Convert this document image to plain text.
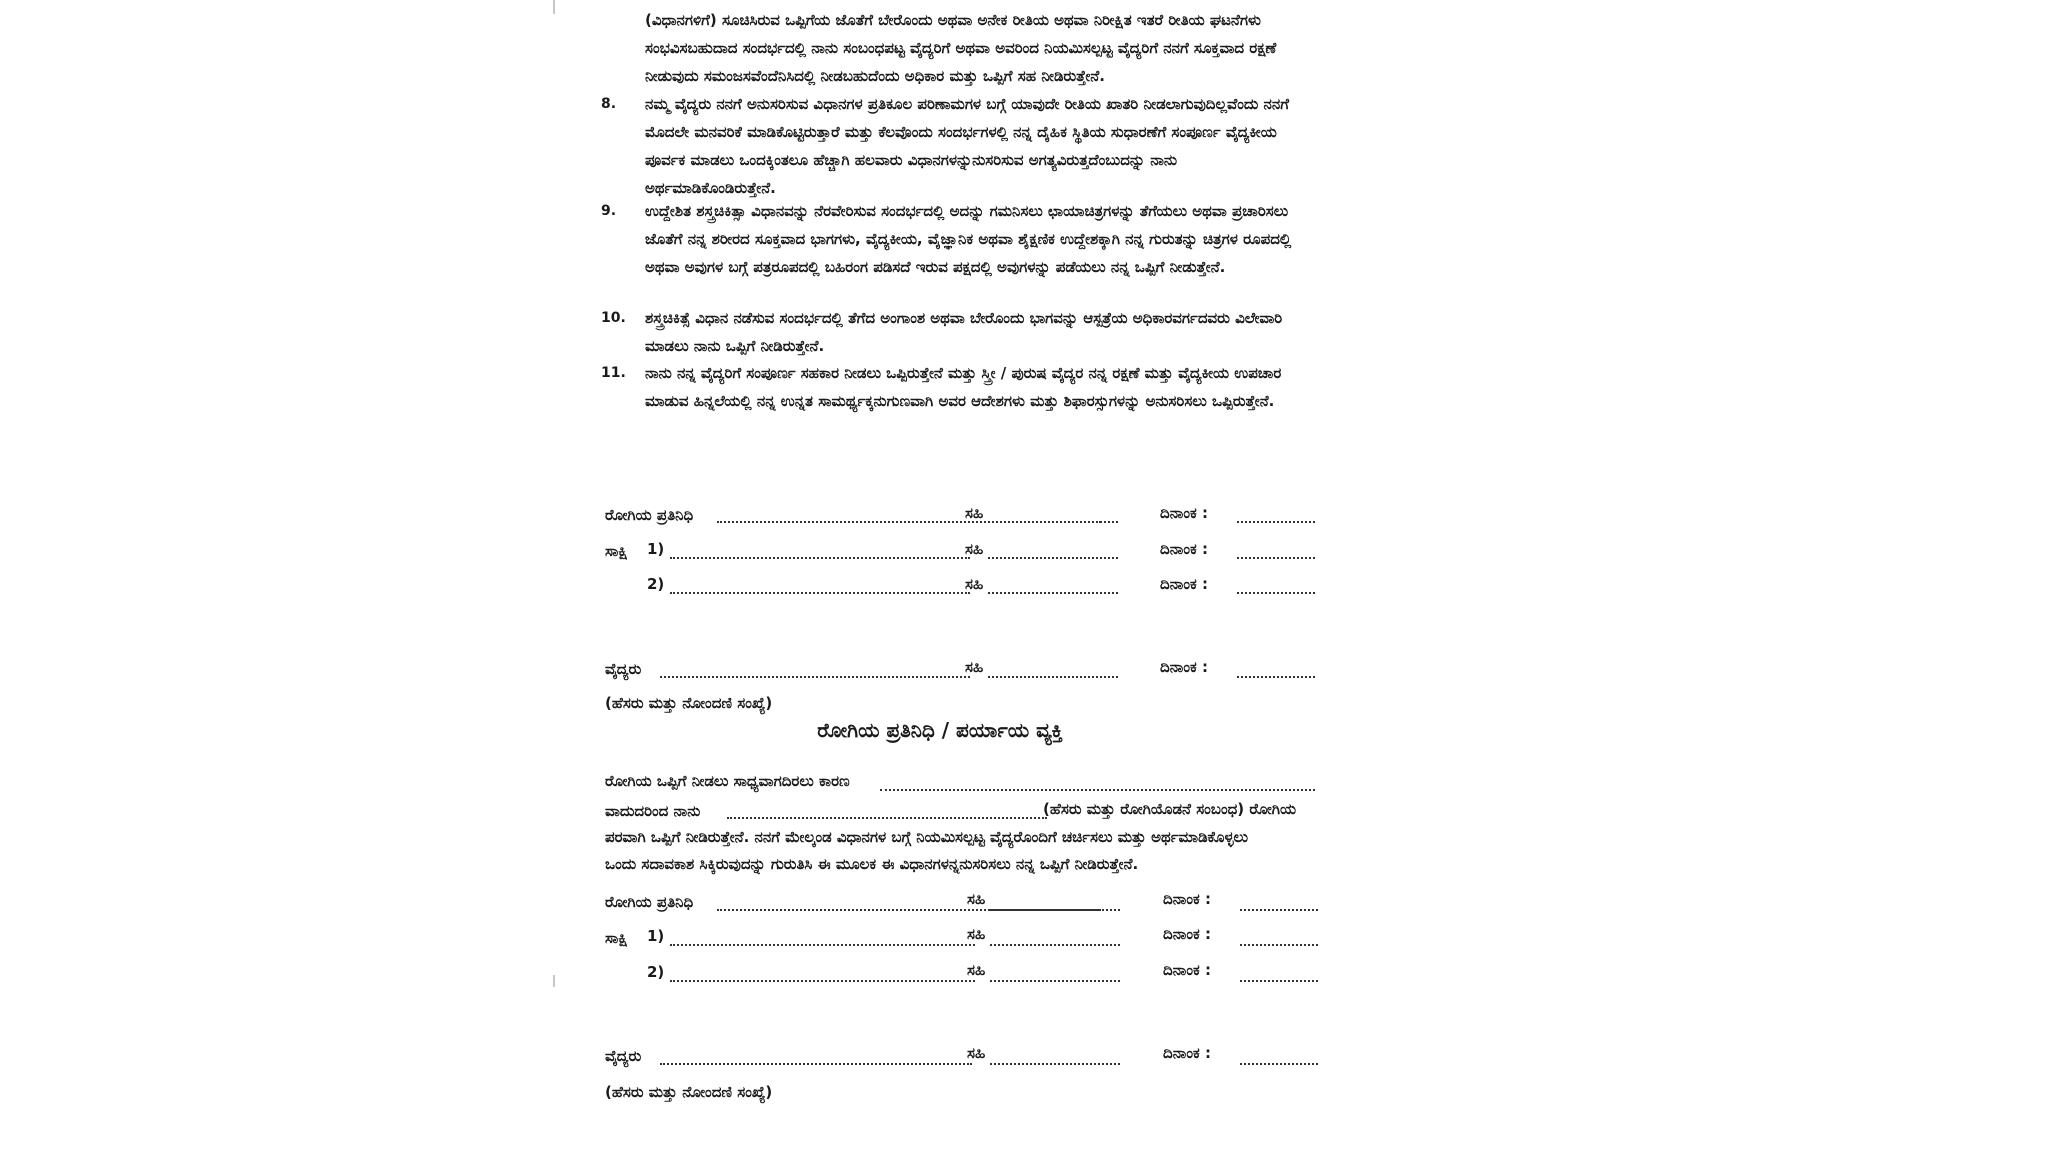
(ವಿಧಾನಗಳಿಗೆ) ಸೂಚಿಸಿರುವ ಒಪ್ಪಿಗೆಯ ಜೊತೆಗೆ ಬೇರೊಂದು ಅಥವಾ ಅನೇಕ ರೀತಿಯ ಅಥವಾ ನಿರೀಕ್ಷಿತ ಇತರೆ ರೀತಿಯ ಘಟನೆಗಳು ಸಂಭವಿಸಬಹುದಾದ ಸಂದರ್ಭದಲ್ಲಿ ನಾನು ಸಂಬಂಧಪಟ್ಟ ವೈದ್ಯರಿಗೆ ಅಥವಾ ಅವರಿಂದ ನಿಯಮಿಸಲ್ಪಟ್ಟ ವೈದ್ಯರಿಗೆ ನನಗೆ ಸೂಕ್ತವಾದ ರಕ್ಷಣೆ ನೀಡುವುದು ಸಮಂಜಸವೆಂದೆನಿಸಿದಲ್ಲಿ ನೀಡಬಹುದೆಂದು ಅಧಿಕಾರ ಮತ್ತು ಒಪ್ಪಿಗೆ ಸಹ ನೀಡಿರುತ್ತೇನೆ.
8. ನಮ್ಮ ವೈದ್ಯರು ನನಗೆ ಅನುಸರಿಸುವ ವಿಧಾನಗಳ ಪ್ರತಿಕೂಲ ಪರಿಣಾಮಗಳ ಬಗ್ಗೆ ಯಾವುದೇ ರೀತಿಯ ಖಾತರಿ ನೀಡಲಾಗುವುದಿಲ್ಲವೆಂದು ನನಗೆ ಮೊದಲೇ ಮನವರಿಕೆ ಮಾಡಿಕೊಟ್ಟಿರುತ್ತಾರೆ ಮತ್ತು ಕೆಲವೊಂದು ಸಂದರ್ಭಗಳಲ್ಲಿ ನನ್ನ ದೈಹಿಕ ಸ್ಥಿತಿಯ ಸುಧಾರಣೆಗೆ ಸಂಪೂರ್ಣ ವೈದ್ಯಕೀಯ ಪೂರ್ವಕ ಮಾಡಲು ಒಂದಕ್ಕಿಂತಲೂ ಹೆಚ್ಚಾಗಿ ಹಲವಾರು ವಿಧಾನಗಳನ್ನುನುಸರಿಸುವ ಅಗತ್ಯವಿರುತ್ತದೆಂಬುದನ್ನು ನಾನು ಅರ್ಥಮಾಡಿಕೊಂಡಿರುತ್ತೇನೆ.
9. ಉದ್ದೇಶಿತ ಶಸ್ತ್ರಚಿಕಿತ್ಸಾ ವಿಧಾನವನ್ನು ನೆರವೇರಿಸುವ ಸಂದರ್ಭದಲ್ಲಿ ಅದನ್ನು ಗಮನಿಸಲು ಛಾಯಾಚಿತ್ರಗಳನ್ನು ತೆಗೆಯಲು ಅಥವಾ ಪ್ರಚಾರಿಸಲು ಜೊತೆಗೆ ನನ್ನ ಶರೀರದ ಸೂಕ್ತವಾದ ಭಾಗಗಳು, ವೈದ್ಯಕೀಯ, ವೈಜ್ಞಾನಿಕ ಅಥವಾ ಶೈಕ್ಷಣಿಕ ಉದ್ದೇಶಕ್ಕಾಗಿ ನನ್ನ ಗುರುತನ್ನು ಚಿತ್ರಗಳ ರೂಪದಲ್ಲಿ ಅಥವಾ ಅವುಗಳ ಬಗ್ಗೆ ಪತ್ರರೂಪದಲ್ಲಿ ಬಹಿರಂಗ ಪಡಿಸದೆ ಇರುವ ಪಕ್ಷದಲ್ಲಿ ಅವುಗಳನ್ನು ಪಡೆಯಲು ನನ್ನ ಒಪ್ಪಿಗೆ ನೀಡುತ್ತೇನೆ.
10. ಶಸ್ತ್ರಚಿಕಿತ್ಸೆ ವಿಧಾನ ನಡೆಸುವ ಸಂದರ್ಭದಲ್ಲಿ ತೆಗೆದ ಅಂಗಾಂಶ ಅಥವಾ ಬೇರೊಂದು ಭಾಗವನ್ನು ಆಸ್ಪತ್ರೆಯ ಅಧಿಕಾರವರ್ಗದವರು ವಿಲೇವಾರಿ ಮಾಡಲು ನಾನು ಒಪ್ಪಿಗೆ ನೀಡಿರುತ್ತೇನೆ.
11. ನಾನು ನನ್ನ ವೈದ್ಯರಿಗೆ ಸಂಪೂರ್ಣ ಸಹಕಾರ ನೀಡಲು ಒಪ್ಪಿರುತ್ತೇನೆ ಮತ್ತು ಸ್ತ್ರೀ / ಪುರುಷ ವೈದ್ಯರ ನನ್ನ ರಕ್ಷಣೆ ಮತ್ತು ವೈದ್ಯಕೀಯ ಉಪಚಾರ ಮಾಡುವ ಹಿನ್ನಲೆಯಲ್ಲಿ ನನ್ನ ಉನ್ನತ ಸಾಮರ್ಥ್ಯಕ್ಕನುಗುಣವಾಗಿ ಅವರ ಆದೇಶಗಳು ಮತ್ತು ಶಿಫಾರಸ್ಸುಗಳನ್ನು ಅನುಸರಿಸಲು ಒಪ್ಪಿರುತ್ತೇನೆ.
ರೋಗಿಯ ಪ್ರತಿನಿಧಿ	ಸಹಿ	ದಿನಾಂಕ :
ಸಾಕ್ಷಿ 1)	ಸಹಿ	ದಿನಾಂಕ :
2)	ಸಹಿ	ದಿನಾಂಕ :
ವೈದ್ಯರು	ಸಹಿ	ದಿನಾಂಕ :
(ಹೆಸರು ಮತ್ತು ನೋಂದಣಿ ಸಂಖ್ಯೆ)
ರೋಗಿಯ ಪ್ರತಿನಿಧಿ / ಪರ್ಯಾಯ ವ್ಯಕ್ತಿ
ರೋಗಿಯ ಒಪ್ಪಿಗೆ ನೀಡಲು ಸಾಧ್ಯವಾಗದಿರಲು ಕಾರಣ
ವಾದುದರಿಂದ ನಾನು	(ಹೆಸರು ಮತ್ತು ರೋಗಿಯೊಡನೆ ಸಂಬಂಧ) ರೋಗಿಯ
ಪರವಾಗಿ ಒಪ್ಪಿಗೆ ನೀಡಿರುತ್ತೇನೆ. ನನಗೆ ಮೇಲ್ಕಂಡ ವಿಧಾನಗಳ ಬಗ್ಗೆ ನಿಯಮಿಸಲ್ಪಟ್ಟ ವೈದ್ಯರೊಂದಿಗೆ ಚರ್ಚಿಸಲು ಮತ್ತು ಅರ್ಥಮಾಡಿಕೊಳ್ಳಲು
ಒಂದು ಸದಾವಕಾಶ ಸಿಕ್ಕಿರುವುದನ್ನು ಗುರುತಿಸಿ ಈ ಮೂಲಕ ಈ ವಿಧಾನಗಳನ್ನನುಸರಿಸಲು ನನ್ನ ಒಪ್ಪಿಗೆ ನೀಡಿರುತ್ತೇನೆ.
ರೋಗಿಯ ಪ್ರತಿನಿಧಿ	ಸಹಿ	ದಿನಾಂಕ :
ಸಾಕ್ಷಿ 1)	ಸಹಿ	ದಿನಾಂಕ :
2)	ಸಹಿ	ದಿನಾಂಕ :
ವೈದ್ಯರು	ಸಹಿ	ದಿನಾಂಕ :
(ಹೆಸರು ಮತ್ತು ನೋಂದಣಿ ಸಂಖ್ಯೆ)
